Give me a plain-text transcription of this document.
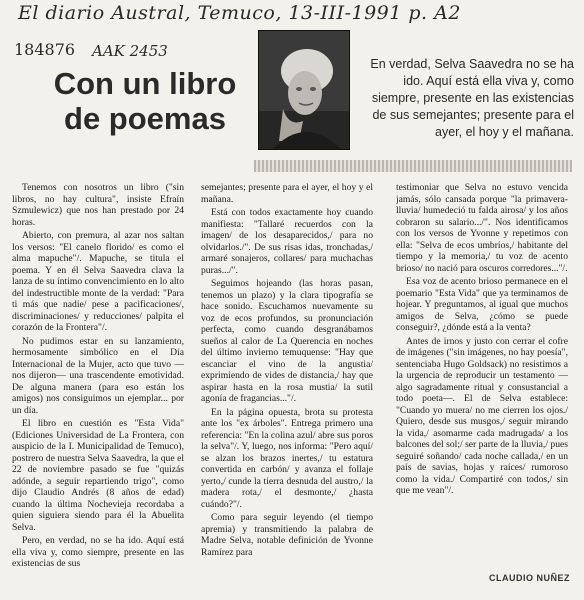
El diario Austral, Temuco, 13-III-1991 p. A2
184876 AAK 2453
Con un libro
de poemas

En verdad, Selva Saavedra no se ha ido. Aquí está ella viva y, como siempre, presente en las existencias de sus semejantes; presente para el ayer, el hoy y el mañana.

Tenemos con nosotros un libro ("sin libros, no hay cultura", insiste Efraín Szmulewicz) que nos han prestado por 24 horas.

Abierto, con premura, al azar nos saltan los versos: "El canelo florido/ es como el alma mapuche"/. Mapuche, se titula el poema. Y en él Selva Saavedra clava la lanza de su íntimo convencimiento en lo alto del indestructible monte de la verdad: "Para ti más que nadie/ pese a pacificaciones/, discriminaciones/ y reducciones/ palpita el corazón de la Frontera"/.

No pudimos estar en su lanzamiento, hermosamente simbólico en el Día Internacional de la Mujer, acto que tuvo —nos dijeron— una trascendente emotividad. De alguna manera (para eso están los amigos) nos consiguimos un ejemplar... por un día.

El libro en cuestión es "Esta Vida" (Ediciones Universidad de La Frontera, con auspicio de la I. Municipalidad de Temuco), postrero de nuestra Selva Saavedra, la que el 22 de noviembre pasado se fue "quizás adónde, a seguir repartiendo trigo", como dijo Claudio Andrés (8 años de edad) cuando la última Nochevieja recordaba a quien siguiera siendo para él la Abuelita Selva.

Pero, en verdad, no se ha ido. Aquí está ella viva y, como siempre, presente en las existencias de sus

semejantes; presente para el ayer, el hoy y el mañana.

Está con todos exactamente hoy cuando manifiesta: "Tallaré recuerdos con la imagen/ de los desaparecidos,/ para no olvidarlos./". De sus risas idas, tronchadas,/ armaré sonajeros, collares/ para muchachas puras.../".

Seguimos hojeando (las horas pasan, tenemos un plazo) y la clara tipografía se hace sonido. Escuchamos nuevamente su voz de ecos profundos, su pronunciación perfecta, como cuando desgranábamos sueños al calor de La Querencia en noches del último invierno temuquense: "Hay que escanciar el vino de la angustia/ exprimiendo de vides de distancia,/ hay que aspirar hasta en la rosa mustia/ la sutil agonía de fragancias..."/.

En la página opuesta, brota su protesta ante los "ex árboles". Entrega primero una referencia: "En la colina azul/ abre sus poros la selva"/. Y, luego, nos informa: "Pero aquí/ se alzan los brazos inertes,/ tu estatura convertida en carbón/ y avanza el follaje yerto,/ cunde la tierra desnuda del austro,/ la madera rota,/ el desmonte,/ ¿hasta cuándo?"/.

Como para seguir leyendo (el tiempo apremia) y transmitiendo la palabra de Madre Selva, notable definición de Yvonne Ramírez para

testimoniar que Selva no estuvo vencida jamás, sólo cansada porque "la primavera-lluvia/ humedeció tu falda airosa/ y los años cobraron su salario.../". Nos identificamos con los versos de Yvonne y repetimos con ella: "Selva de ecos umbríos,/ habitante del tiempo y la memoria,/ tu voz de acento brioso/ no nació para oscuros corredores..."/.

Esa voz de acento brioso permanece en el poemario "Esta Vida" que ya terminamos de hojear. Y preguntamos, al igual que muchos amigos de Selva, ¿cómo se puede conseguir?, ¿dónde está a la venta?

Antes de irnos y justo con cerrar el cofre de imágenes ("sin imágenes, no hay poesía", sentenciaba Hugo Goldsack) no resistimos a la urgencia de reproducir un testamento —algo sagradamente ritual y consustancial a todo poeta—. El de Selva establece: "Cuando yo muera/ no me cierren los ojos./ Quiero, desde sus musgos,/ seguir mirando la vida,/ asomarme cada madrugada/ a los balcones del sol;/ ser parte de la lluvia,/ pues seguiré soñando/ cada noche callada,/ en un país de savias, hojas y raíces/ rumoroso como la vida./ Compartiré con todos,/ sin que me vean"/.

CLAUDIO NUÑEZ
